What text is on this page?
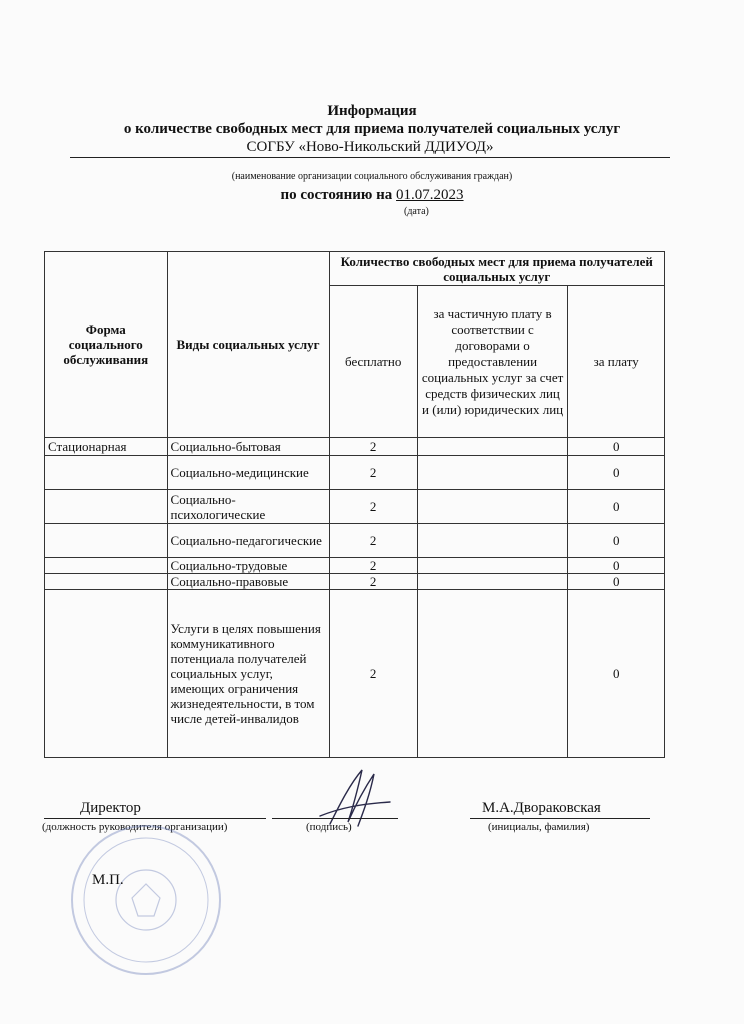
Информация
о количестве свободных мест для приема получателей социальных услуг
СОГБУ «Ново-Никольский ДДИУОД»
(наименование организации социального обслуживания граждан)
по состоянию на 01.07.2023
(дата)
Форма социального обслуживания	Виды социальных услуг	Количество свободных мест для приема получателей социальных услуг		
		бесплатно	за частичную плату в соответствии с договорами о предоставлении социальных услуг за счет средств физических лиц и (или) юридических лиц	за плату
Стационарная	Социально-бытовая	2		0
	Социально-медицинские	2		0
	Социально-психологические	2		0
	Социально-педагогические	2		0
	Социально-трудовые	2		0
	Социально-правовые	2		0
	Услуги в целях повышения коммуникативного потенциала получателей социальных услуг, имеющих ограничения жизнедеятельности, в том числе детей-инвалидов	2		0
Директор
(должность руководителя организации)	(подпись)
М.А.Дворaковская
(инициалы, фамилия)
М.П.
